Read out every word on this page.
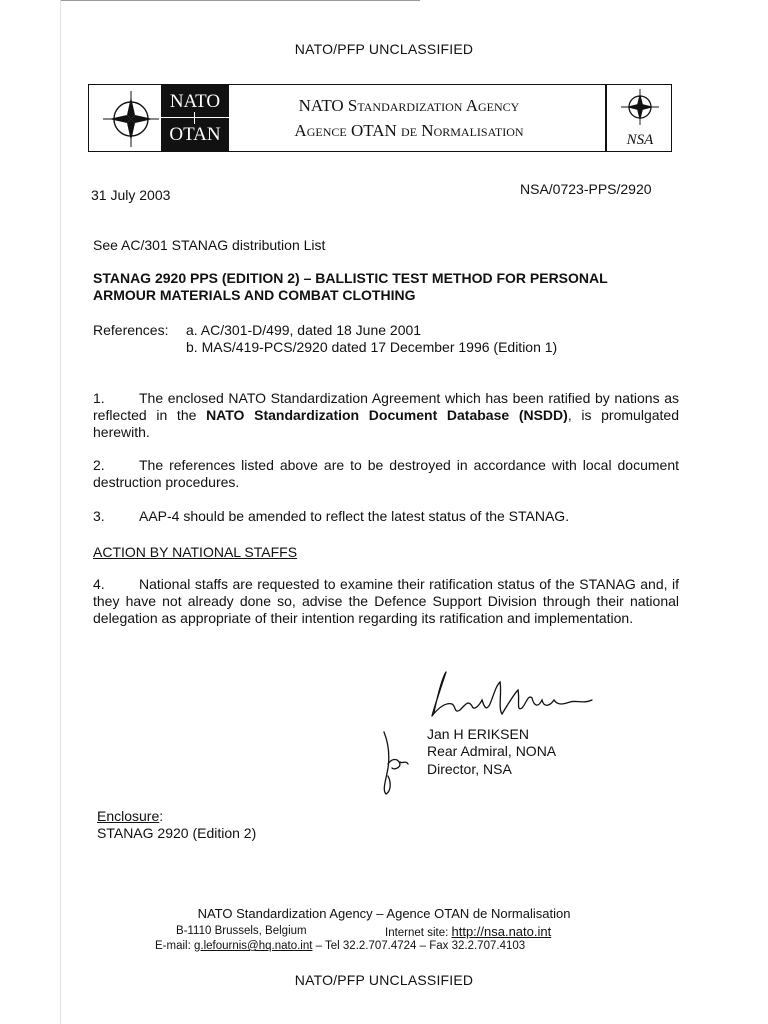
NATO/PFP UNCLASSIFIED
NATO
OTAN
NATO Standardization Agency
Agence OTAN de Normalisation	NSA
31 July 2003	NSA/0723-PPS/2920
See AC/301 STANAG distribution List
STANAG 2920 PPS (EDITION 2) – BALLISTIC TEST METHOD FOR PERSONAL
ARMOUR MATERIALS AND COMBAT CLOTHING
References: a. AC/301-D/499, dated 18 June 2001
b. MAS/419-PCS/2920 dated 17 December 1996 (Edition 1)
1. The enclosed NATO Standardization Agreement which has been ratified by nations as reflected in the NATO Standardization Document Database (NSDD), is promulgated herewith.
2. The references listed above are to be destroyed in accordance with local document destruction procedures.
3. AAP-4 should be amended to reflect the latest status of the STANAG.
ACTION BY NATIONAL STAFFS
4. National staffs are requested to examine their ratification status of the STANAG and, if they have not already done so, advise the Defence Support Division through their national delegation as appropriate of their intention regarding its ratification and implementation.
Jan H ERIKSEN
Rear Admiral, NONA
Director, NSA
Enclosure:
STANAG 2920 (Edition 2)
NATO Standardization Agency – Agence OTAN de Normalisation
B-1110 Brussels, Belgium	Internet site: http://nsa.nato.int
E-mail: g.lefournis@hq.nato.int – Tel 32.2.707.4724 – Fax 32.2.707.4103
NATO/PFP UNCLASSIFIED
